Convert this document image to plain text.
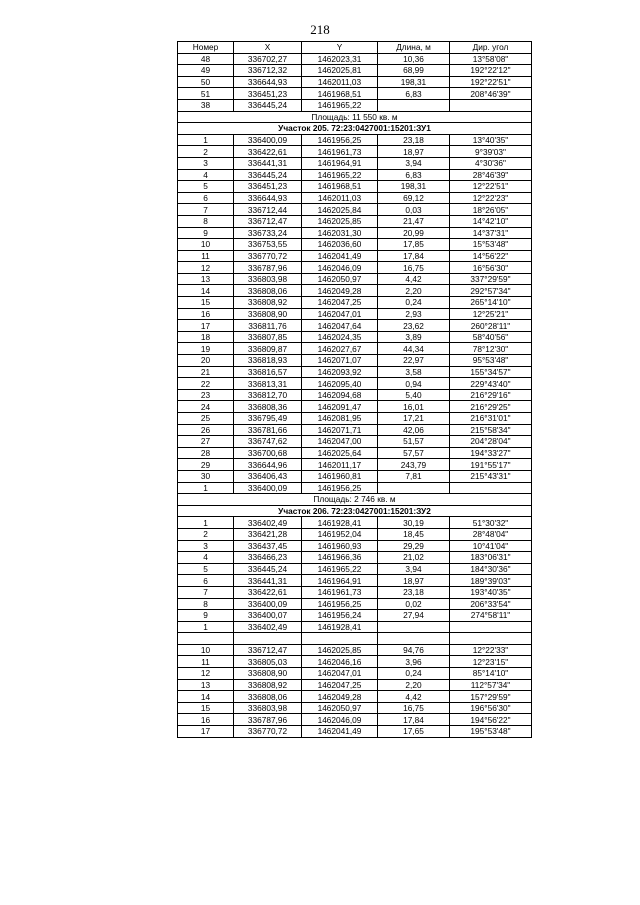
218
Номер	X	Y	Длина, м	Дир. угол
48	336702,27	1462023,31	10,36	13°58'08"
49	336712,32	1462025,81	68,99	192°22'12"
50	336644,93	1462011,03	198,31	192°22'51"
51	336451,23	1461968,51	6,83	208°46'39"
38	336445,24	1461965,22		
Площадь: 11 550 кв. м				
Участок 205. 72:23:0427001:15201:ЗУ1				
1	336400,09	1461956,25	23,18	13°40'35"
2	336422,61	1461961,73	18,97	9°39'03"
3	336441,31	1461964,91	3,94	4°30'36"
4	336445,24	1461965,22	6,83	28°46'39"
5	336451,23	1461968,51	198,31	12°22'51"
6	336644,93	1462011,03	69,12	12°22'23"
7	336712,44	1462025,84	0,03	18°26'05"
8	336712,47	1462025,85	21,47	14°42'10"
9	336733,24	1462031,30	20,99	14°37'31"
10	336753,55	1462036,60	17,85	15°53'48"
11	336770,72	1462041,49	17,84	14°56'22"
12	336787,96	1462046,09	16,75	16°56'30"
13	336803,98	1462050,97	4,42	337°29'59"
14	336808,06	1462049,28	2,20	292°57'34"
15	336808,92	1462047,25	0,24	265°14'10"
16	336808,90	1462047,01	2,93	12°25'21"
17	336811,76	1462047,64	23,62	260°28'11"
18	336807,85	1462024,35	3,89	58°40'56"
19	336809,87	1462027,67	44,34	78°12'30"
20	336818,93	1462071,07	22,97	95°53'48"
21	336816,57	1462093,92	3,58	155°34'57"
22	336813,31	1462095,40	0,94	229°43'40"
23	336812,70	1462094,68	5,40	216°29'16"
24	336808,36	1462091,47	16,01	216°29'25"
25	336795,49	1462081,95	17,21	216°31'01"
26	336781,66	1462071,71	42,06	215°58'34"
27	336747,62	1462047,00	51,57	204°28'04"
28	336700,68	1462025,64	57,57	194°33'27"
29	336644,96	1462011,17	243,79	191°55'17"
30	336406,43	1461960,81	7,81	215°43'31"
1	336400,09	1461956,25		
Площадь: 2 746 кв. м				
Участок 206. 72:23:0427001:15201:ЗУ2				
1	336402,49	1461928,41	30,19	51°30'32"
2	336421,28	1461952,04	18,45	28°48'04"
3	336437,45	1461960,93	29,29	10°41'04"
4	336466,23	1461966,36	21,02	183°06'31"
5	336445,24	1461965,22	3,94	184°30'36"
6	336441,31	1461964,91	18,97	189°39'03"
7	336422,61	1461961,73	23,18	193°40'35"
8	336400,09	1461956,25	0,02	206°33'54"
9	336400,07	1461956,24	27,94	274°58'11"
1	336402,49	1461928,41		

10	336712,47	1462025,85	94,76	12°22'33"
11	336805,03	1462046,16	3,96	12°23'15"
12	336808,90	1462047,01	0,24	85°14'10"
13	336808,92	1462047,25	2,20	112°57'34"
14	336808,06	1462049,28	4,42	157°29'59"
15	336803,98	1462050,97	16,75	196°56'30"
16	336787,96	1462046,09	17,84	194°56'22"
17	336770,72	1462041,49	17,65	195°53'48"
